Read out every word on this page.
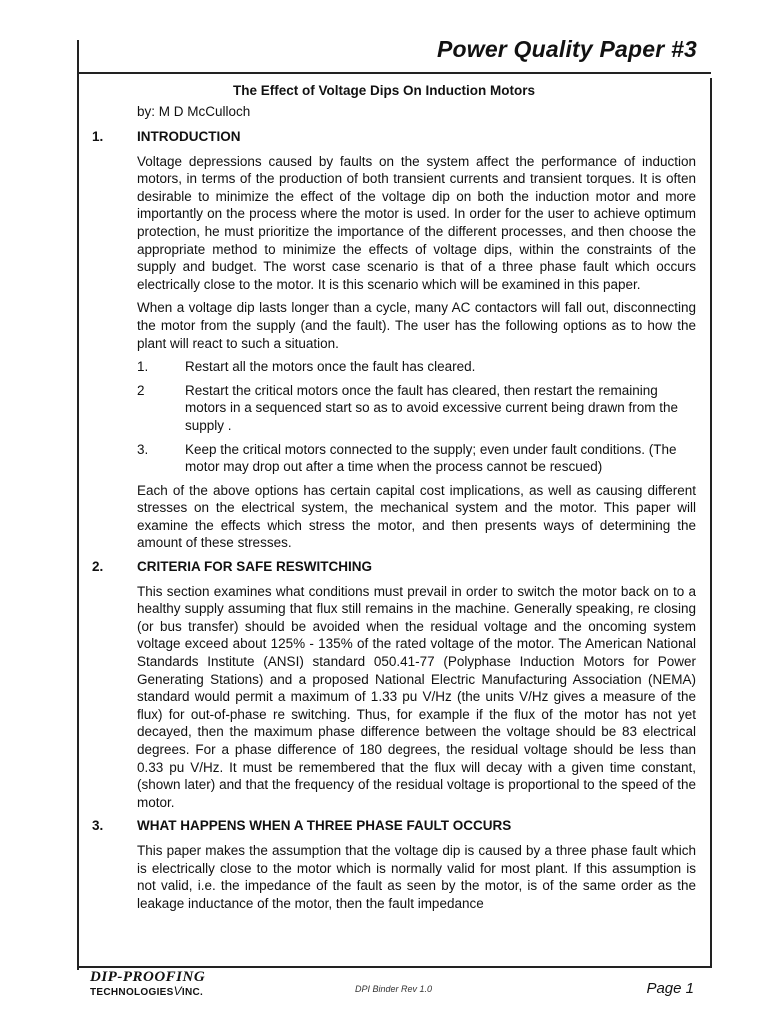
Power Quality Paper #3
The Effect of Voltage Dips On Induction Motors
by: M D McCulloch
1.	INTRODUCTION
Voltage depressions caused by faults on the system affect the performance of induction motors, in terms of the production of both transient currents and transient torques. It is often desirable to minimize the effect of the voltage dip on both the induction motor and more importantly on the process where the motor is used. In order for the user to achieve optimum protection, he must prioritize the importance of the different processes, and then choose the appropriate method to minimize the effects of voltage dips, within the constraints of the supply and budget. The worst case scenario is that of a three phase fault which occurs electrically close to the motor. It is this scenario which will be examined in this paper.
When a voltage dip lasts longer than a cycle, many AC contactors will fall out, disconnecting the motor from the supply (and the fault). The user has the following options as to how the plant will react to such a situation.
1.	Restart all the motors once the fault has cleared.
2	Restart the critical motors once the fault has cleared, then restart the remaining motors in a sequenced start so as to avoid excessive current being drawn from the supply .
3.	Keep the critical motors connected to the supply; even under fault conditions. (The motor may drop out after a time when the process cannot be rescued)
Each of the above options has certain capital cost implications, as well as causing different stresses on the electrical system, the mechanical system and the motor. This paper will examine the effects which stress the motor, and then presents ways of determining the amount of these stresses.
2.	CRITERIA FOR SAFE RESWITCHING
This section examines what conditions must prevail in order to switch the motor back on to a healthy supply assuming that flux still remains in the machine. Generally speaking, re closing (or bus transfer) should be avoided when the residual voltage and the oncoming system voltage exceed about 125% - 135% of the rated voltage of the motor. The American National Standards Institute (ANSI) standard 050.41-77 (Polyphase Induction Motors for Power Generating Stations) and a proposed National Electric Manufacturing Association (NEMA) standard would permit a maximum of 1.33 pu V/Hz (the units V/Hz gives a measure of the flux) for out-of-phase re switching. Thus, for example if the flux of the motor has not yet decayed, then the maximum phase difference between the voltage should be 83 electrical degrees. For a phase difference of 180 degrees, the residual voltage should be less than 0.33 pu V/Hz. It must be remembered that the flux will decay with a given time constant, (shown later) and that the frequency of the residual voltage is proportional to the speed of the motor.
3.	WHAT HAPPENS WHEN A THREE PHASE FAULT OCCURS
This paper makes the assumption that the voltage dip is caused by a three phase fault which is electrically close to the motor which is normally valid for most plant. If this assumption is not valid, i.e. the impedance of the fault as seen by the motor, is of the same order as the leakage inductance of the motor, then the fault impedance
DIP-PROOFING
TECHNOLOGIESVINC.	DPI Binder Rev 1.0	Page 1
